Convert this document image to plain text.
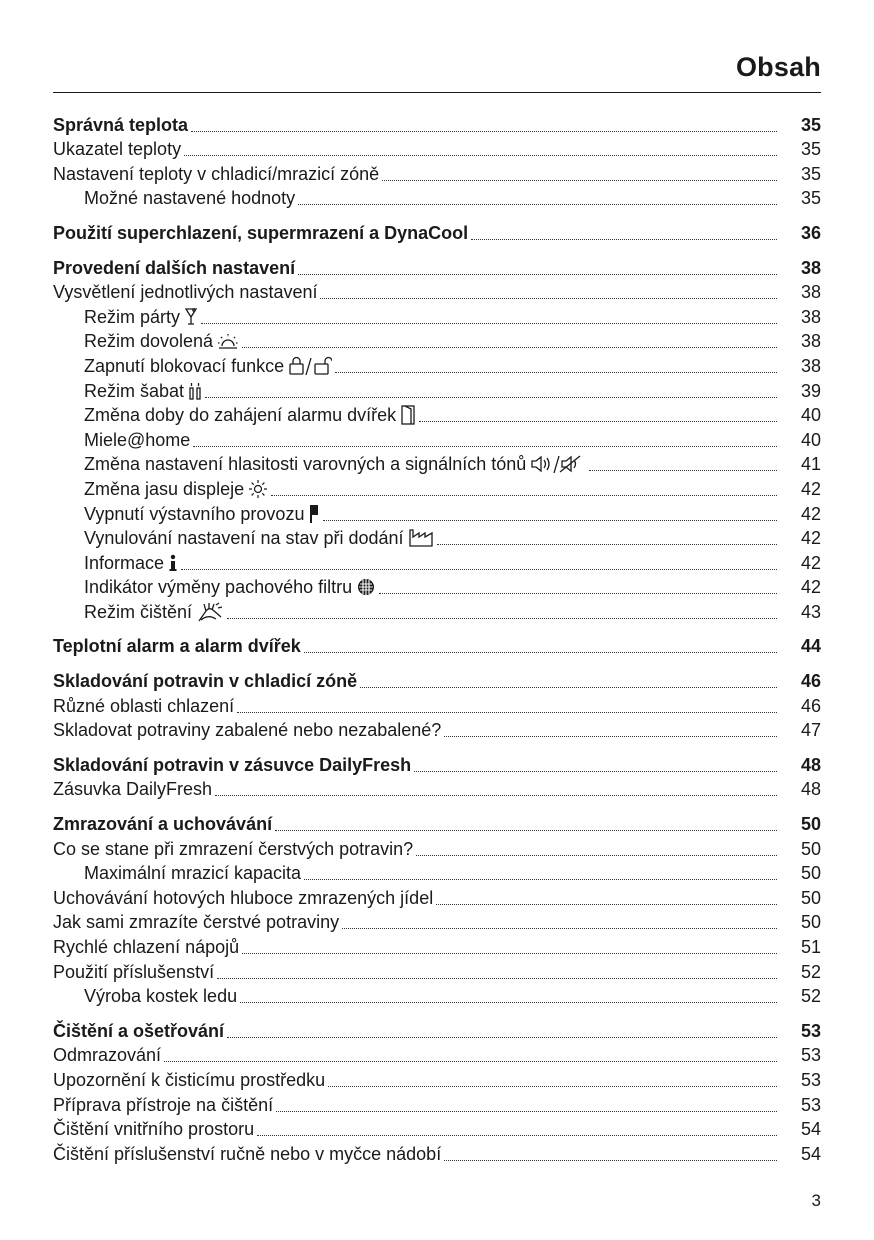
Obsah
Správná teplota	35
Ukazatel teploty	35
Nastavení teploty v chladicí/mrazicí zóně	35
Možné nastavené hodnoty	35
Použití superchlazení, supermrazení a DynaCool	36
Provedení dalších nastavení	38
Vysvětlení jednotlivých nastavení	38
Režim párty	38
Režim dovolená	38
Zapnutí blokovací funkce	38
Režim šabat	39
Změna doby do zahájení alarmu dvířek	40
Miele@home	40
Změna nastavení hlasitosti varovných a signálních tónů	41
Změna jasu displeje	42
Vypnutí výstavního provozu	42
Vynulování nastavení na stav při dodání	42
Informace	42
Indikátor výměny pachového filtru	42
Režim čištění	43
Teplotní alarm a alarm dvířek	44
Skladování potravin v chladicí zóně	46
Různé oblasti chlazení	46
Skladovat potraviny zabalené nebo nezabalené?	47
Skladování potravin v zásuvce DailyFresh	48
Zásuvka DailyFresh	48
Zmrazování a uchovávání	50
Co se stane při zmrazení čerstvých potravin?	50
Maximální mrazicí kapacita	50
Uchovávání hotových hluboce zmrazených jídel	50
Jak sami zmrazíte čerstvé potraviny	50
Rychlé chlazení nápojů	51
Použití příslušenství	52
Výroba kostek ledu	52
Čištění a ošetřování	53
Odmrazování	53
Upozornění k čisticímu prostředku	53
Příprava přístroje na čištění	53
Čištění vnitřního prostoru	54
Čištění příslušenství ručně nebo v myčce nádobí	54
3
